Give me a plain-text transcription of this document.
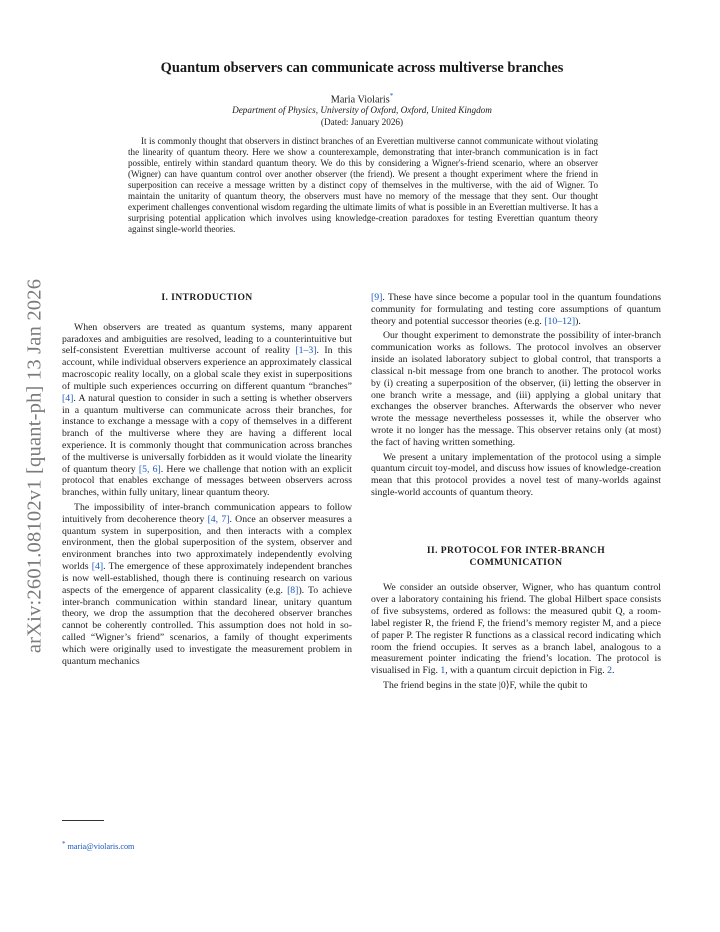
arXiv:2601.08102v1 [quant-ph] 13 Jan 2026
Quantum observers can communicate across multiverse branches
Maria Violaris*
Department of Physics, University of Oxford, Oxford, United Kingdom
(Dated: January 2026)

It is commonly thought that observers in distinct branches of an Everettian multiverse cannot communicate without violating the linearity of quantum theory. Here we show a counterexample, demonstrating that inter-branch communication is in fact possible, entirely within standard quantum theory. We do this by considering a Wigner's-friend scenario, where an observer (Wigner) can have quantum control over another observer (the friend). We present a thought experiment where the friend in superposition can receive a message written by a distinct copy of themselves in the multiverse, with the aid of Wigner. To maintain the unitarity of quantum theory, the observers must have no memory of the message that they sent. Our thought experiment challenges conventional wisdom regarding the ultimate limits of what is possible in an Everettian multiverse. It has a surprising potential application which involves using knowledge-creation paradoxes for testing Everettian quantum theory against single-world theories.

I. INTRODUCTION

When observers are treated as quantum systems, many apparent paradoxes and ambiguities are resolved, leading to a counterintuitive but self-consistent Everettian multiverse account of reality [1–3]. In this account, while individual observers experience an approximately classical macroscopic reality locally, on a global scale they exist in superpositions of multiple such experiences occurring on different quantum “branches” [4]. A natural question to consider in such a setting is whether observers in a quantum multiverse can communicate across their branches, for instance to exchange a message with a copy of themselves in a different branch of the multiverse where they are having a different local experience. It is commonly thought that communication across branches of the multiverse is universally forbidden as it would violate the linearity of quantum theory [5, 6]. Here we challenge that notion with an explicit protocol that enables exchange of messages between observers across branches, within fully unitary, linear quantum theory.

The impossibility of inter-branch communication appears to follow intuitively from decoherence theory [4, 7]. Once an observer measures a quantum system in superposition, and then interacts with a complex environment, then the global superposition of the system, observer and environment branches into two approximately independently evolving worlds [4]. The emergence of these approximately independent branches is now well-established, though there is continuing research on various aspects of the emergence of apparent classicality (e.g. [8]). To achieve inter-branch communication within standard linear, unitary quantum theory, we drop the assumption that the decohered observer branches cannot be coherently controlled. This assumption does not hold in so-called “Wigner’s friend” scenarios, a family of thought experiments which were originally used to investigate the measurement problem in quantum mechanics

[9]. These have since become a popular tool in the quantum foundations community for formulating and testing core assumptions of quantum theory and potential successor theories (e.g. [10–12]).

Our thought experiment to demonstrate the possibility of inter-branch communication works as follows. The protocol involves an observer inside an isolated laboratory subject to global control, that transports a classical n-bit message from one branch to another. The protocol works by (i) creating a superposition of the observer, (ii) letting the observer in one branch write a message, and (iii) applying a global unitary that exchanges the observer branches. Afterwards the observer who never wrote the message nevertheless possesses it, while the observer who wrote it no longer has the message. This observer retains only (at most) the fact of having written something.

We present a unitary implementation of the protocol using a simple quantum circuit toy-model, and discuss how issues of knowledge-creation mean that this protocol provides a novel test of many-worlds against single-world accounts of quantum theory.

II. PROTOCOL FOR INTER-BRANCH COMMUNICATION

We consider an outside observer, Wigner, who has quantum control over a laboratory containing his friend. The global Hilbert space consists of five subsystems, ordered as follows: the measured qubit Q, a room-label register R, the friend F, the friend’s memory register M, and a piece of paper P. The register R functions as a classical record indicating which room the friend occupies. It serves as a branch label, analogous to a measurement pointer indicating the friend’s location. The protocol is visualised in Fig. 1, with a quantum circuit depiction in Fig. 2.

The friend begins in the state |0⟩F, while the qubit to

* maria@violaris.com
